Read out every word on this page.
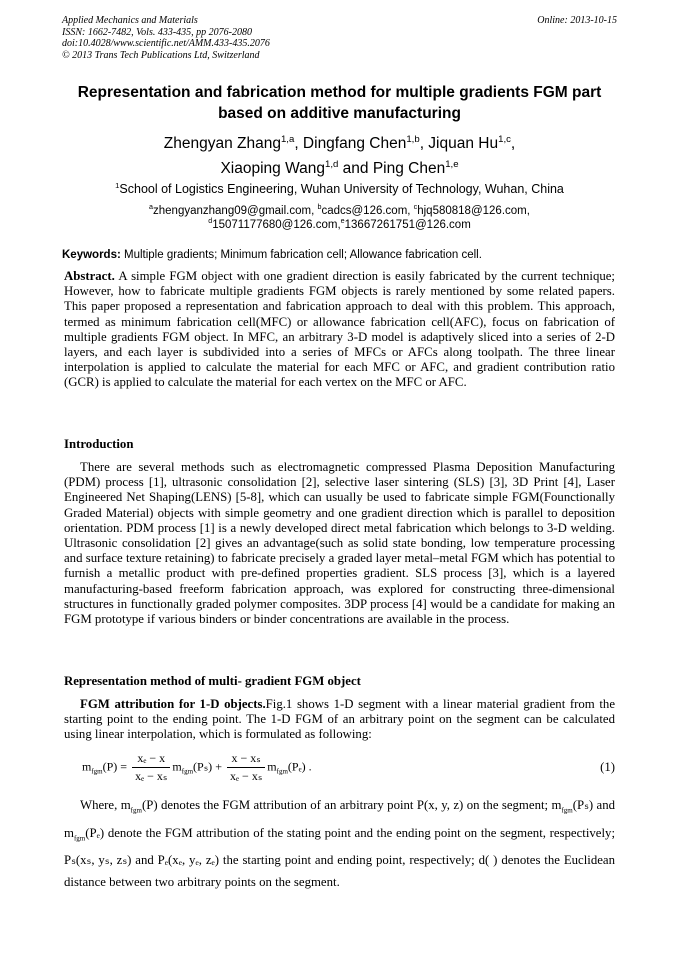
Applied Mechanics and Materials
ISSN: 1662-7482, Vols. 433-435, pp 2076-2080
doi:10.4028/www.scientific.net/AMM.433-435.2076
© 2013 Trans Tech Publications Ltd, Switzerland
Online: 2013-10-15
Representation and fabrication method for multiple gradients FGM part
based on additive manufacturing
Zhengyan Zhang$^{1,a}$, Dingfang Chen$^{1,b}$, Jiquan Hu$^{1,c}$,
Xiaoping Wang$^{1,d}$ and Ping Chen$^{1,e}$
$^1$School of Logistics Engineering, Wuhan University of Technology, Wuhan, China
$^a$zhengyanzhang09@gmail.com, $^b$cadcs@126.com, $^c$hjq580818@126.com,
$^d$15071177680@126.com,$^e$13667261751@126.com
Keywords: Multiple gradients; Minimum fabrication cell; Allowance fabrication cell.

Abstract. A simple FGM object with one gradient direction is easily fabricated by the current technique; However, how to fabricate multiple gradients FGM objects is rarely mentioned by some related papers. This paper proposed a representation and fabrication approach to deal with this problem. This approach, termed as minimum fabrication cell(MFC) or allowance fabrication cell(AFC), focus on fabrication of multiple gradients FGM object. In MFC, an arbitrary 3-D model is adaptively sliced into a series of 2-D layers, and each layer is subdivided into a series of MFCs or AFCs along toolpath. The three linear interpolation is applied to calculate the material for each MFC or AFC, and gradient contribution ratio (GCR) is applied to calculate the material for each vertex on the MFC or AFC.

Introduction

There are several methods such as electromagnetic compressed Plasma Deposition Manufacturing (PDM) process [1], ultrasonic consolidation [2], selective laser sintering (SLS) [3], 3D Print [4], Laser Engineered Net Shaping(LENS) [5-8], which can usually be used to fabricate simple FGM(Founctionally Graded Material) objects with simple geometry and one gradient direction which is parallel to deposition orientation. PDM process [1] is a newly developed direct metal fabrication which belongs to 3-D welding. Ultrasonic consolidation [2] gives an advantage(such as solid state bonding, low temperature processing and surface texture retaining) to fabricate precisely a graded layer metal–metal FGM which has potential to furnish a metallic product with pre-defined properties gradient. SLS process [3], which is a layered manufacturing-based freeform fabrication approach, was explored for constructing three-dimensional structures in functionally graded polymer composites. 3DP process [4] would be a candidate for making an FGM prototype if various binders or binder concentrations are available in the process.

Representation method of multi- gradient FGM object

FGM attribution for 1-D objects.Fig.1 shows 1-D segment with a linear material gradient from the starting point to the ending point. The 1-D FGM of an arbitrary point on the segment can be calculated using linear interpolation, which is formulated as following:

$m_{fgm}(P) = \frac{\text{xₑ − x}}{\text{xₑ − xₛ}} m_{fgm}(P_s) + \frac{\text{x − xₛ}}{\text{xₑ − xₛ}} m_{fgm}(P_e)$ .	(1)

Where, $m_{fgm}(P)$ denotes the FGM attribution of an arbitrary point P(x, y, z) on the segment; $m_{fgm}(P_s)$ and $m_{fgm}(P_e)$ denote the FGM attribution of the stating point and the ending point on the segment, respectively; Pₛ(xₛ, yₛ, zₛ) and Pₑ(xₑ, yₑ, zₑ) the starting point and ending point, respectively; d( ) denotes the Euclidean distance between two arbitrary points on the segment.
